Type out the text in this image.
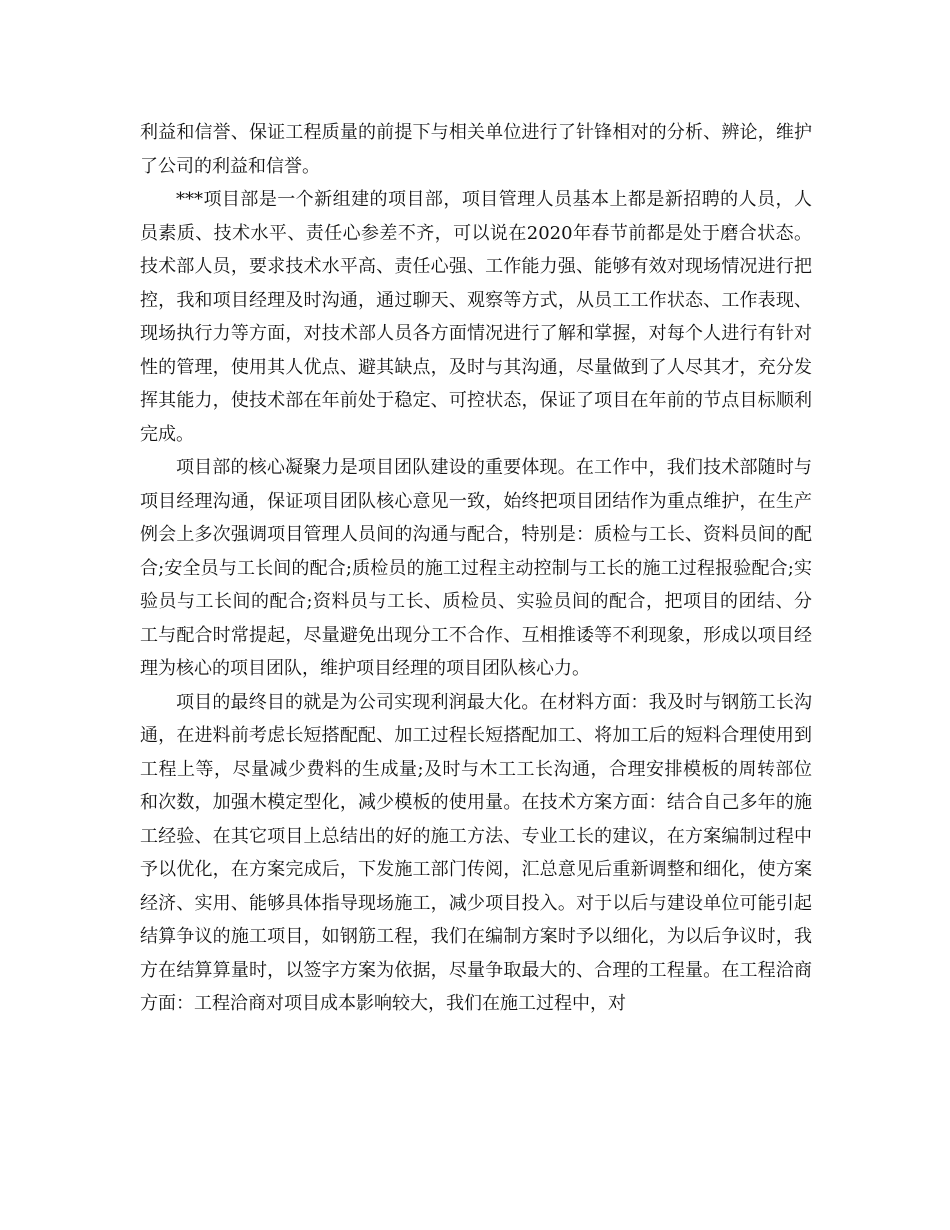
利益和信誉、保证工程质量的前提下与相关单位进行了针锋相对的分析、辨论，维护了公司的利益和信誉。

***项目部是一个新组建的项目部，项目管理人员基本上都是新招聘的人员，人员素质、技术水平、责任心参差不齐，可以说在2020年春节前都是处于磨合状态。技术部人员，要求技术水平高、责任心强、工作能力强、能够有效对现场情况进行把控，我和项目经理及时沟通，通过聊天、观察等方式，从员工工作状态、工作表现、现场执行力等方面，对技术部人员各方面情况进行了解和掌握，对每个人进行有针对性的管理，使用其人优点、避其缺点，及时与其沟通，尽量做到了人尽其才，充分发挥其能力，使技术部在年前处于稳定、可控状态，保证了项目在年前的节点目标顺利完成。

项目部的核心凝聚力是项目团队建设的重要体现。在工作中，我们技术部随时与项目经理沟通，保证项目团队核心意见一致，始终把项目团结作为重点维护，在生产例会上多次强调项目管理人员间的沟通与配合，特别是：质检与工长、资料员间的配合;安全员与工长间的配合;质检员的施工过程主动控制与工长的施工过程报验配合;实验员与工长间的配合;资料员与工长、质检员、实验员间的配合，把项目的团结、分工与配合时常提起，尽量避免出现分工不合作、互相推诿等不利现象，形成以项目经理为核心的项目团队，维护项目经理的项目团队核心力。

项目的最终目的就是为公司实现利润最大化。在材料方面：我及时与钢筋工长沟通，在进料前考虑长短搭配配、加工过程长短搭配加工、将加工后的短料合理使用到工程上等，尽量减少费料的生成量;及时与木工工长沟通，合理安排模板的周转部位和次数，加强木模定型化，减少模板的使用量。在技术方案方面：结合自己多年的施工经验、在其它项目上总结出的好的施工方法、专业工长的建议，在方案编制过程中予以优化，在方案完成后，下发施工部门传阅，汇总意见后重新调整和细化，使方案经济、实用、能够具体指导现场施工，减少项目投入。对于以后与建设单位可能引起结算争议的施工项目，如钢筋工程，我们在编制方案时予以细化，为以后争议时，我方在结算算量时，以签字方案为依据，尽量争取最大的、合理的工程量。在工程洽商方面：工程洽商对项目成本影响较大，我们在施工过程中，对
